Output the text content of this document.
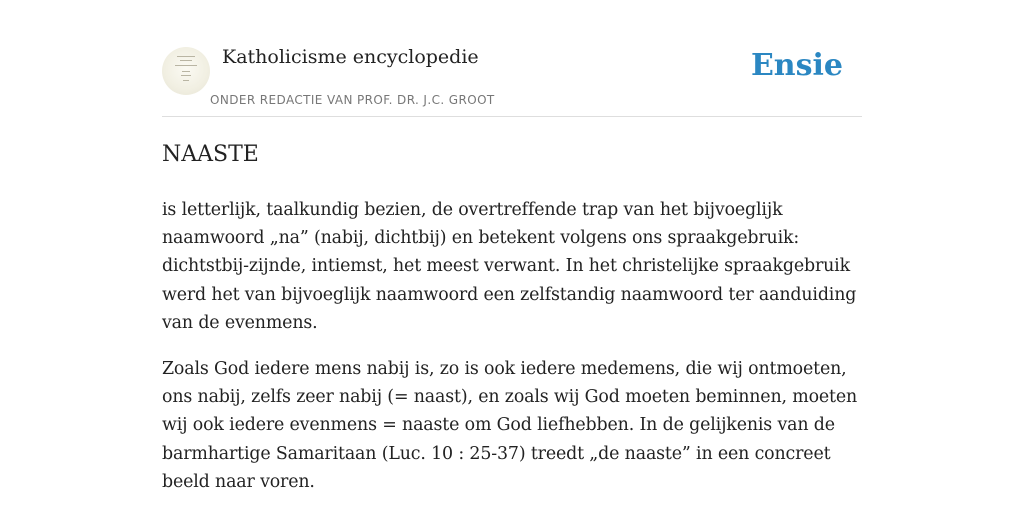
Katholicisme encyclopedie
ONDER REDACTIE VAN PROF. DR. J.C. GROOT
Ensie
NAASTE

is letterlijk, taalkundig bezien, de overtreffende trap van het bijvoeglijk naamwoord „na” (nabij, dichtbij) en betekent volgens ons spraakgebruik: dichtstbij-zijnde, intiemst, het meest verwant. In het christelijke spraakgebruik werd het van bijvoeglijk naamwoord een zelfstandig naamwoord ter aanduiding van de evenmens.

Zoals God iedere mens nabij is, zo is ook iedere medemens, die wij ontmoeten, ons nabij, zelfs zeer nabij (= naast), en zoals wij God moeten beminnen, moeten wij ook iedere evenmens = naaste om God liefhebben. In de gelijkenis van de barmhartige Samaritaan (Luc. 10 : 25-37) treedt „de naaste” in een concreet beeld naar voren.
